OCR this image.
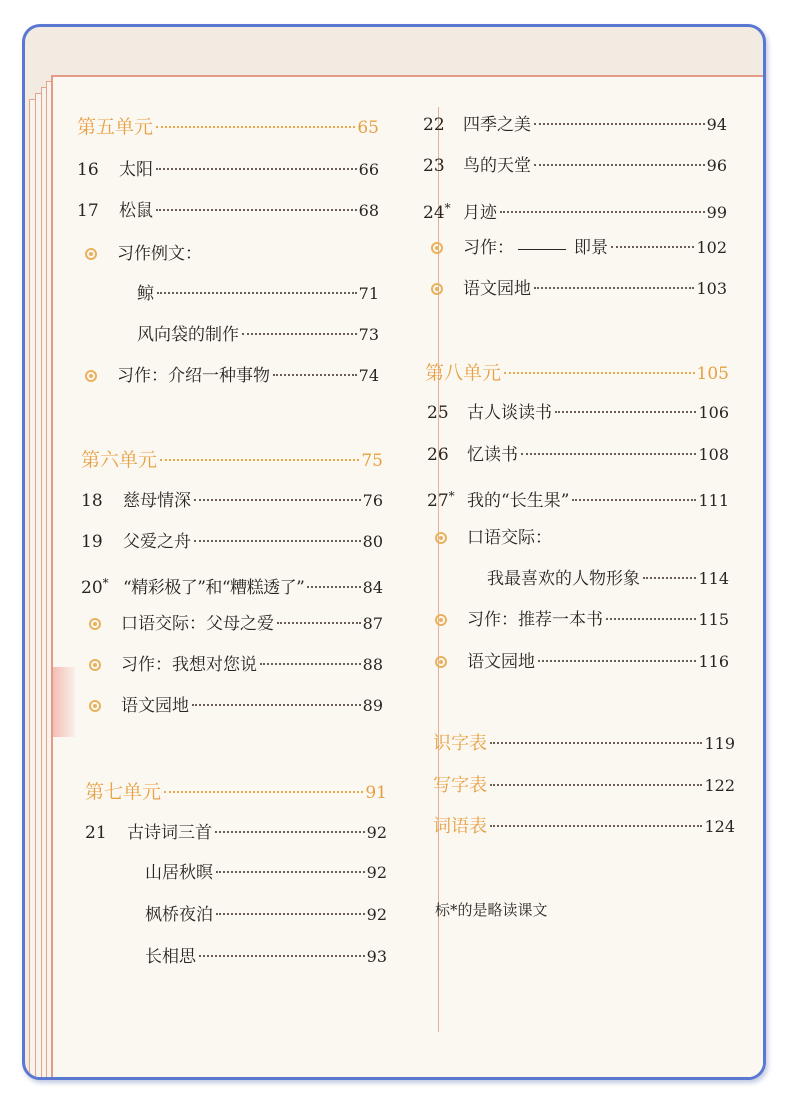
第五单元	65
16	太阳	66
17	松鼠	68
习作例文：
鲸	71
风向袋的制作	73
习作：介绍一种事物	74
第六单元	75
18	慈母情深	76
19	父爱之舟	80
20* “精彩极了”和“糟糕透了”	84
口语交际：父母之爱	87
习作：我想对您说	88
语文园地	89
第七单元	91
21	古诗词三首	92
山居秋暝	92
枫桥夜泊	92
长相思	93
22	四季之美	94
23	鸟的天堂	96
24* 月迹	99
习作：	即景	102
语文园地	103
第八单元	105
25	古人谈读书	106
26	忆读书	108
27* 我的“长生果”	111
口语交际：
我最喜欢的人物形象	114
习作：推荐一本书	115
语文园地	116
识字表	119
写字表	122
词语表	124
标*的是略读课文
